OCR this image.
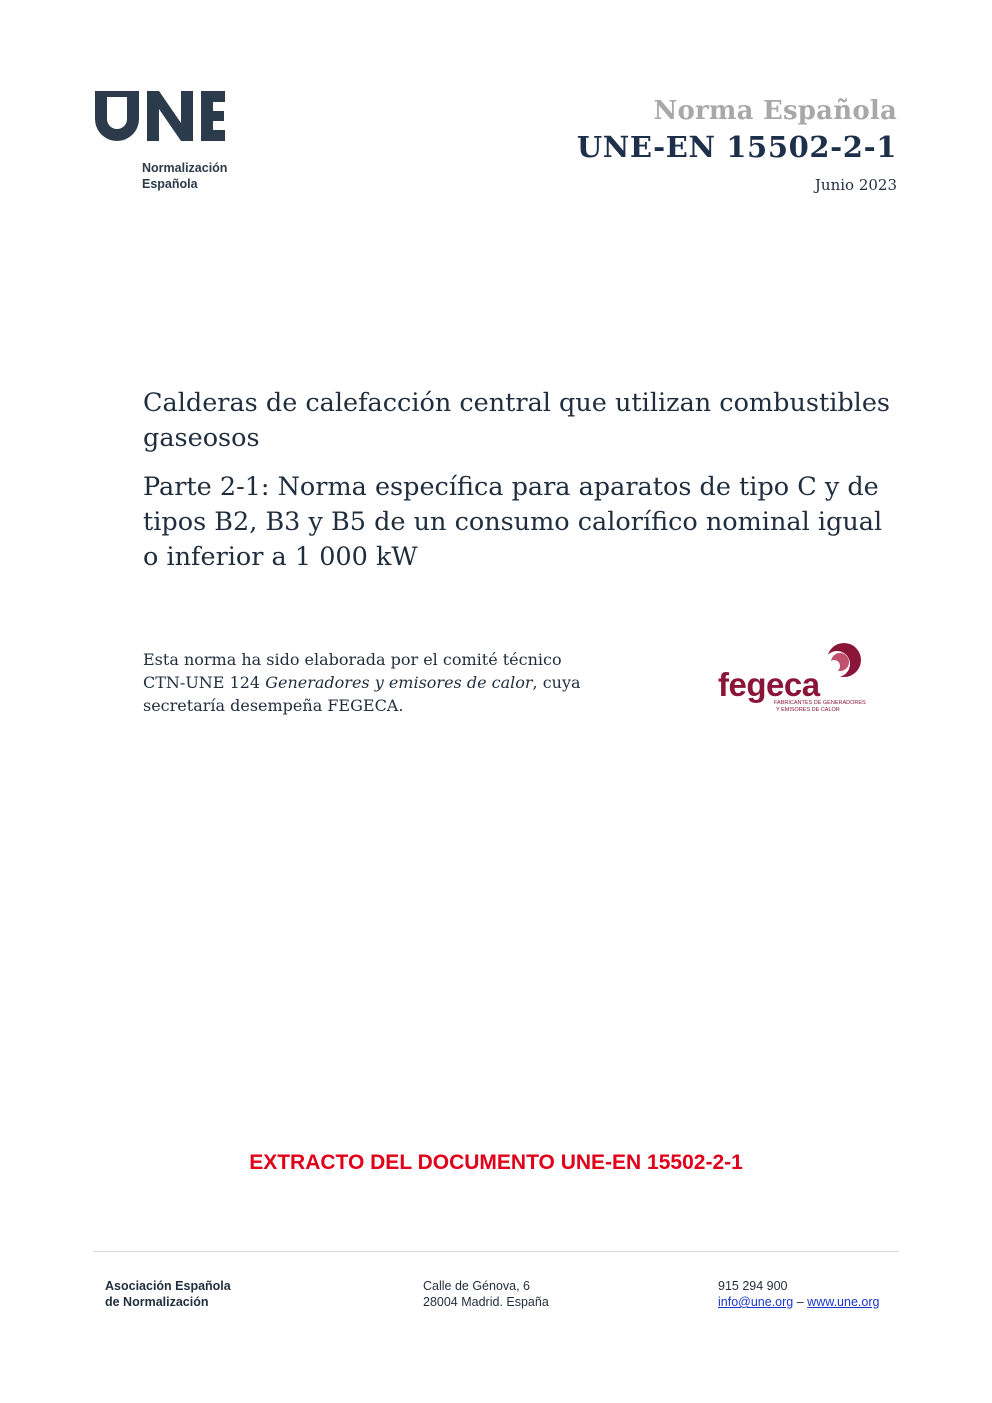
Normalización
Española
Norma Española
UNE-EN 15502-2-1
Junio 2023
Calderas de calefacción central que utilizan combustibles
gaseosos
Parte 2-1: Norma específica para aparatos de tipo C y de
tipos B2, B3 y B5 de un consumo calorífico nominal igual
o inferior a 1 000 kW
Esta norma ha sido elaborada por el comité técnico
CTN-UNE 124 Generadores y emisores de calor, cuya
secretaría desempeña FEGECA.
fegeca
FABRICANTES DE GENERADORES
Y EMISORES DE CALOR
EXTRACTO DEL DOCUMENTO UNE-EN 15502-2-1
Asociación Española
de Normalización
Calle de Génova, 6
28004 Madrid. España
915 294 900
info@une.org – www.une.org
